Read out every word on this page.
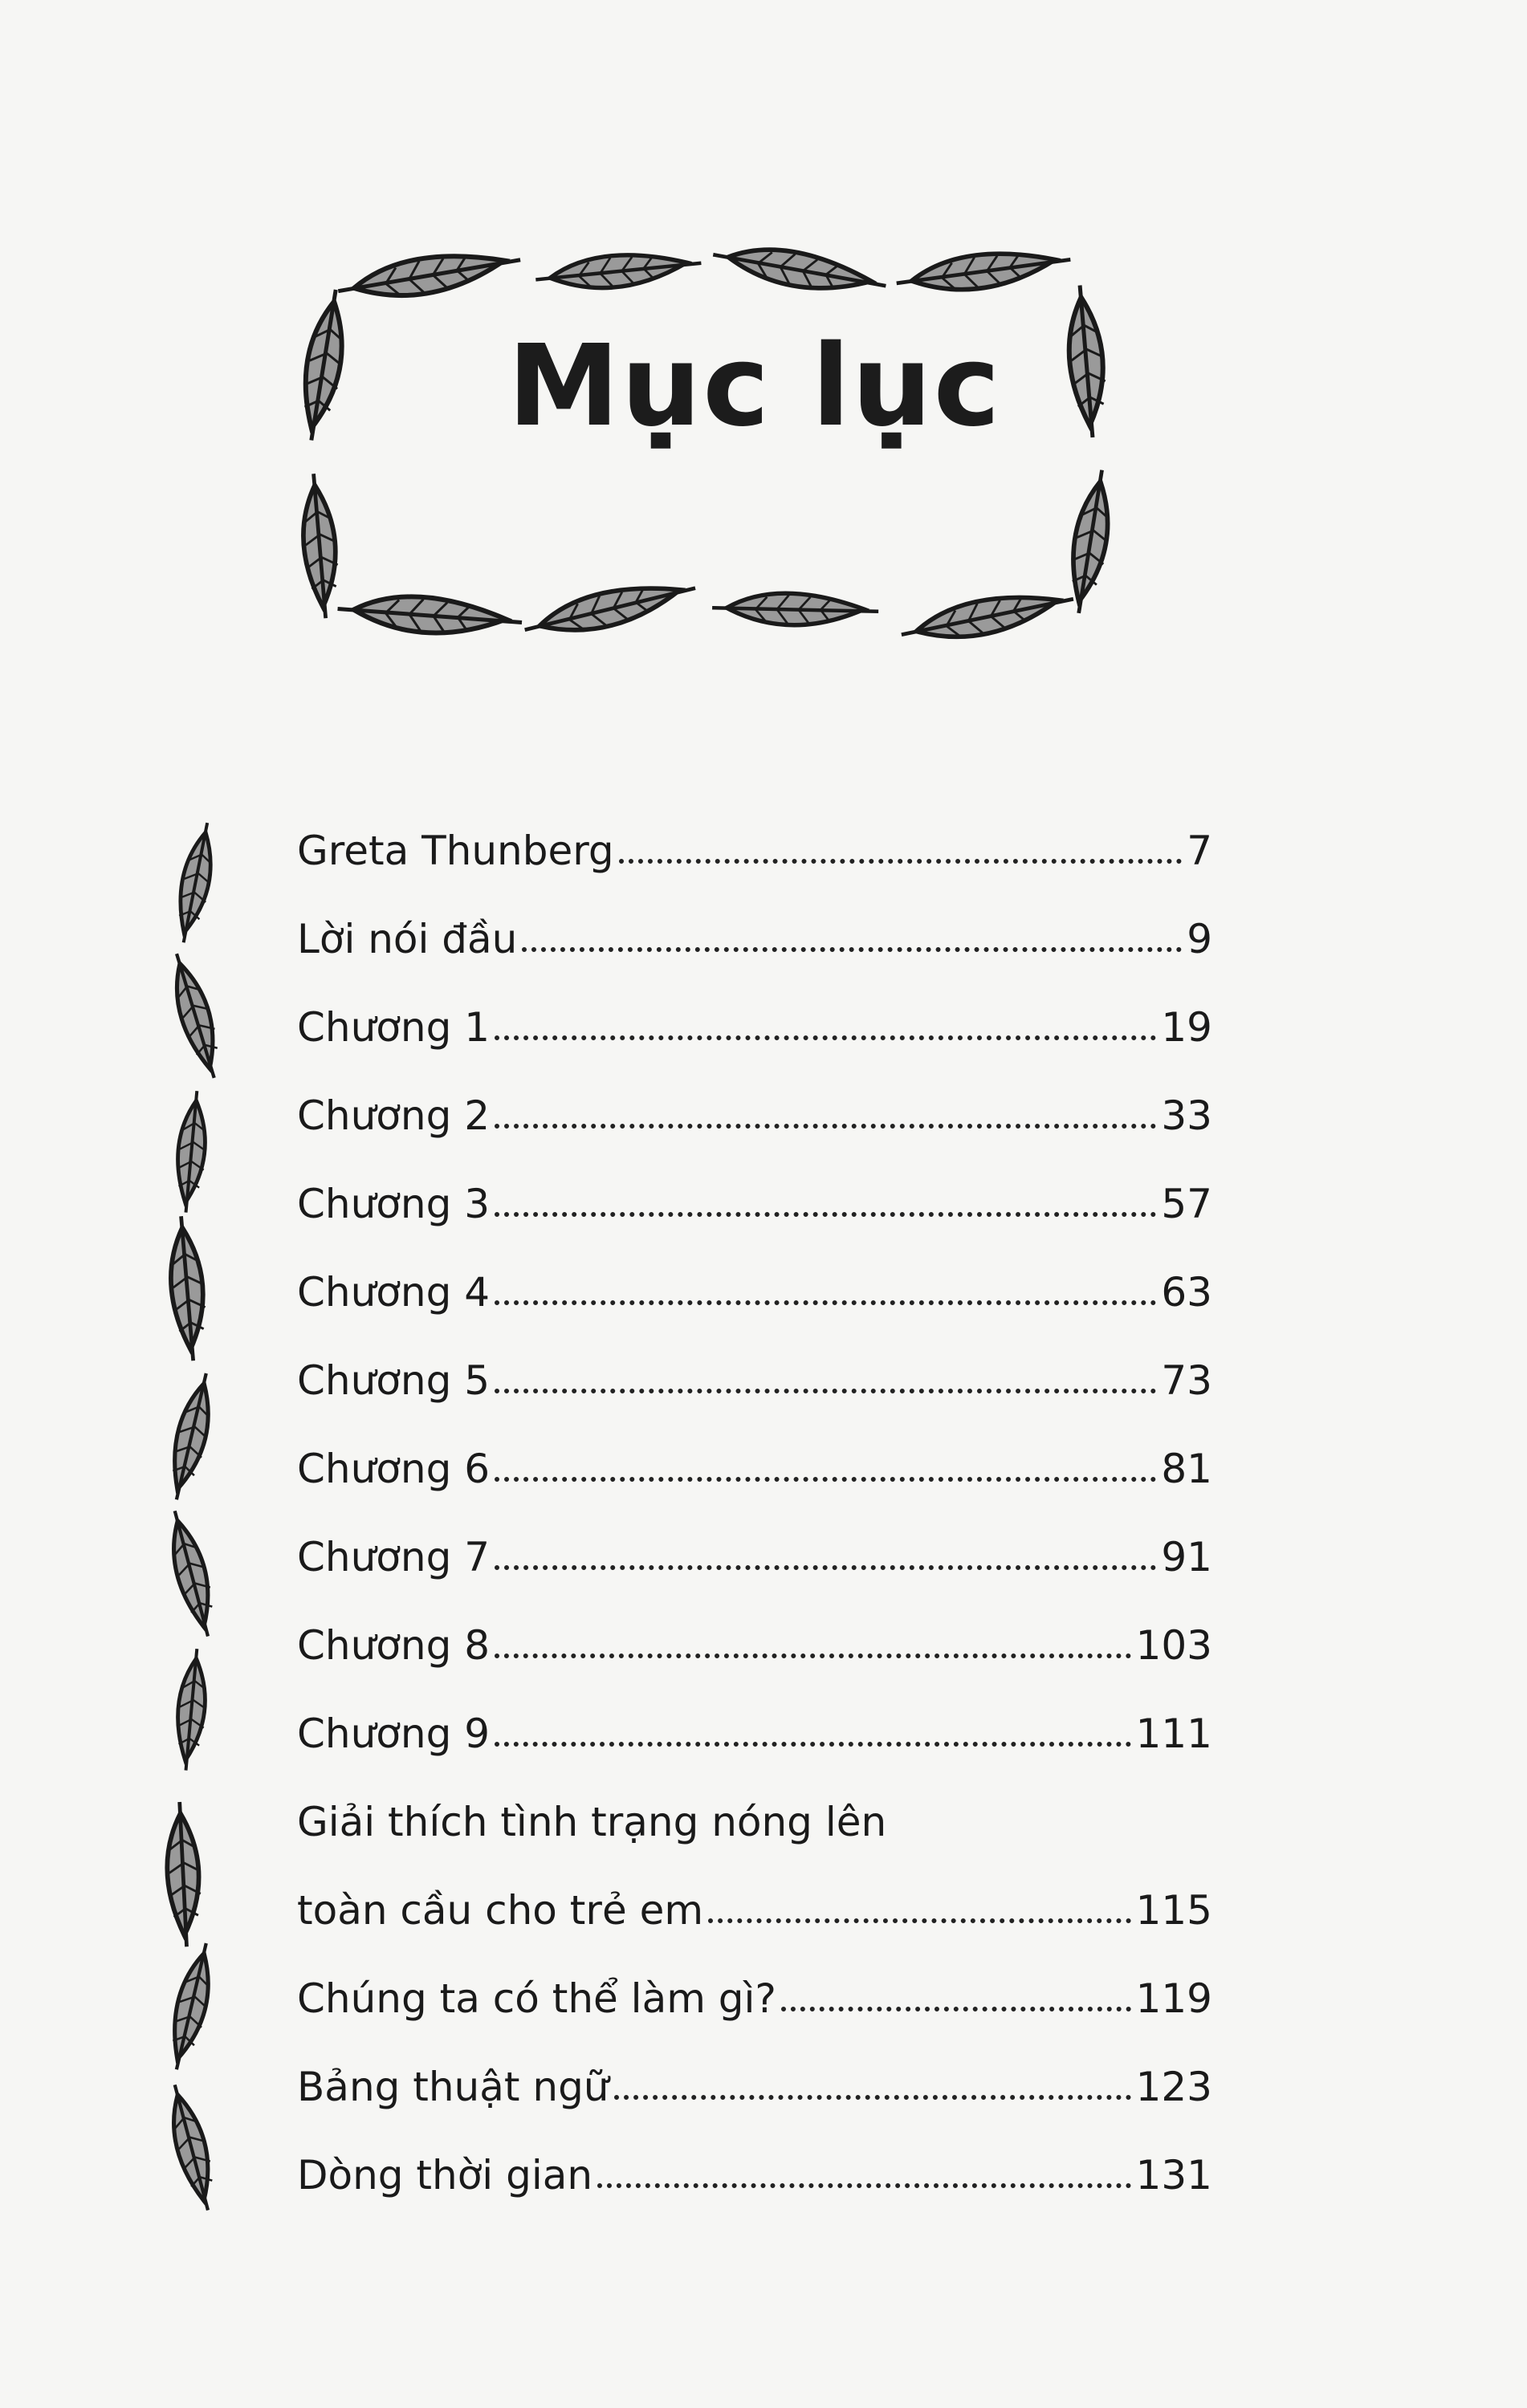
Mục lục
Greta Thunberg	7
Lời nói đầu	9
Chương 1	19
Chương 2	33
Chương 3	57
Chương 4	63
Chương 5	73
Chương 6	81
Chương 7	91
Chương 8	103
Chương 9	111
Giải thích tình trạng nóng lên
toàn cầu cho trẻ em	115
Chúng ta có thể làm gì?	119
Bảng thuật ngữ	123
Dòng thời gian	131
